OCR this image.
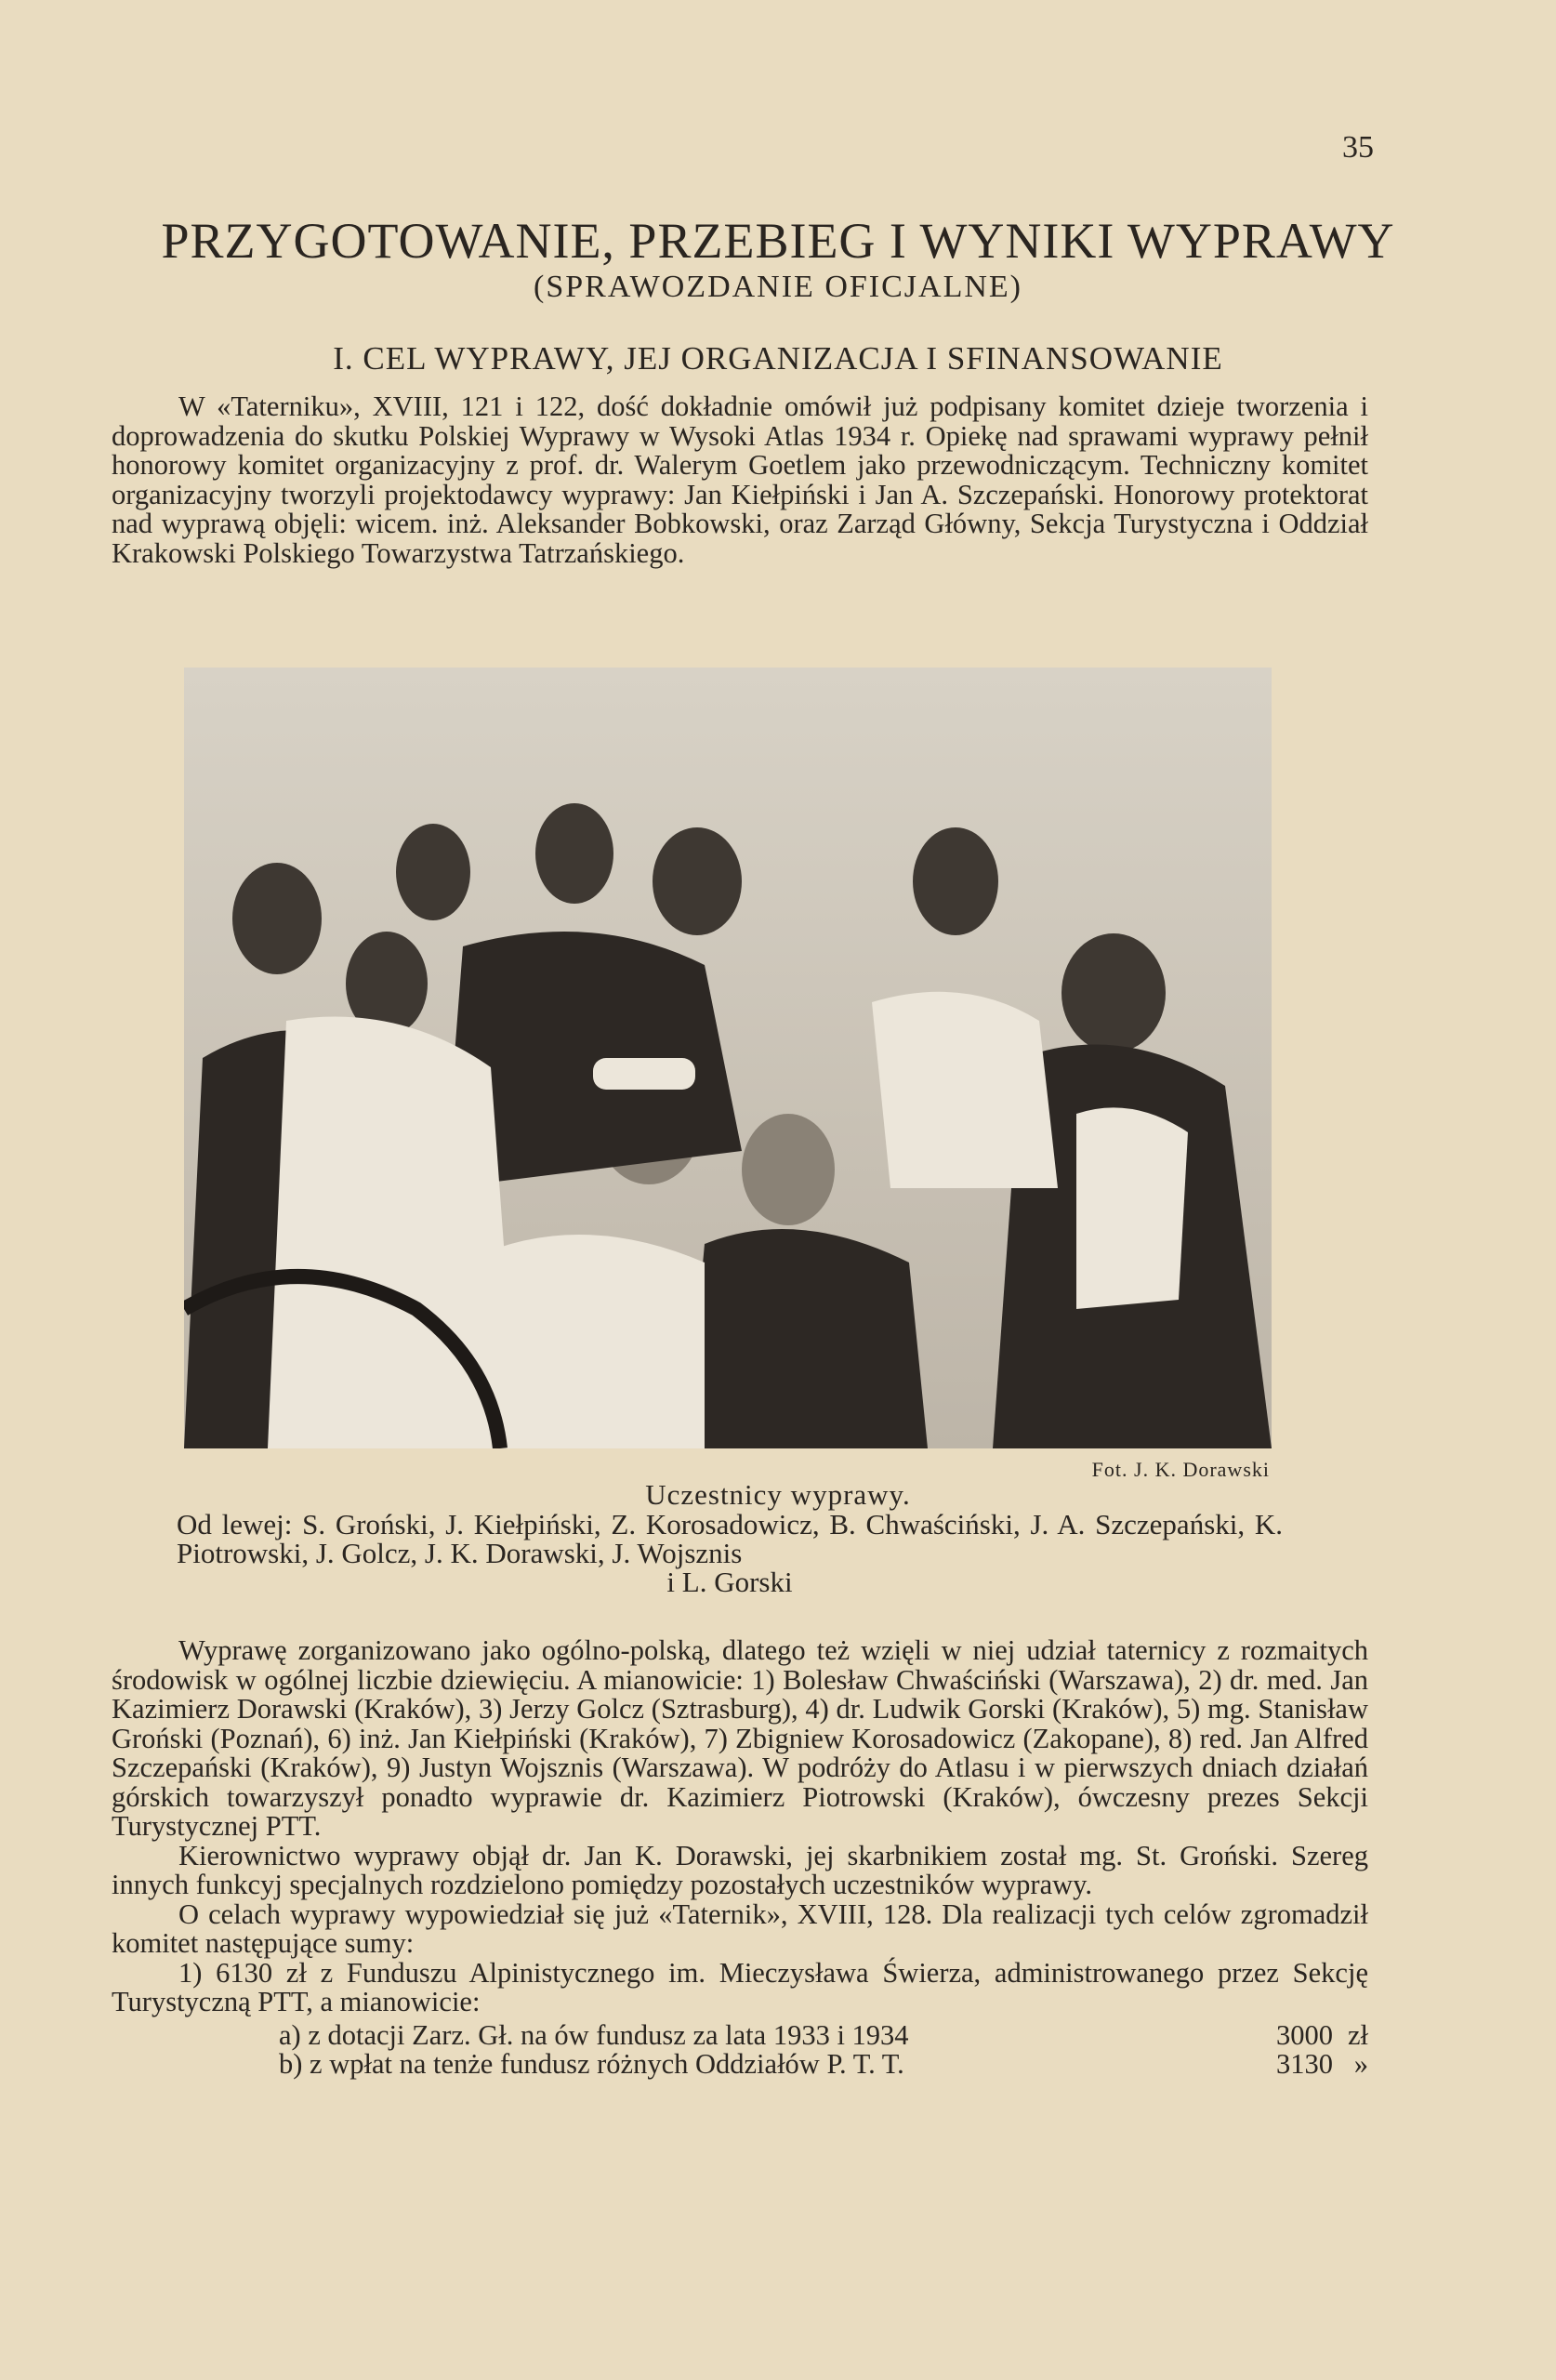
35
PRZYGOTOWANIE, PRZEBIEG I WYNIKI WYPRAWY
(SPRAWOZDANIE OFICJALNE)
I. CEL WYPRAWY, JEJ ORGANIZACJA I SFINANSOWANIE

W «Taterniku», XVIII, 121 i 122, dość dokładnie omówił już podpisany komitet dzieje tworzenia i doprowadzenia do skutku Polskiej Wyprawy w Wysoki Atlas 1934 r. Opiekę nad sprawami wyprawy pełnił honorowy komitet organizacyjny z prof. dr. Walerym Goetlem jako przewodniczącym. Techniczny komitet organizacyjny tworzyli projektodawcy wyprawy: Jan Kiełpiński i Jan A. Szczepański. Honorowy protektorat nad wyprawą objęli: wicem. inż. Aleksander Bobkowski, oraz Zarząd Główny, Sekcja Turystyczna i Oddział Krakowski Polskiego Towarzystwa Tatrzańskiego.

Fot. J. K. Dorawski
Uczestnicy wyprawy.
Od lewej: S. Groński, J. Kiełpiński, Z. Korosadowicz, B. Chwaściński, J. A. Szczepański, K. Piotrowski, J. Golcz, J. K. Dorawski, J. Wojsznis
i L. Gorski

Wyprawę zorganizowano jako ogólno-polską, dlatego też wzięli w niej udział taternicy z rozmaitych środowisk w ogólnej liczbie dziewięciu. A mianowicie: 1) Bolesław Chwaściński (Warszawa), 2) dr. med. Jan Kazimierz Dorawski (Kraków), 3) Jerzy Golcz (Sztrasburg), 4) dr. Ludwik Gorski (Kraków), 5) mg. Stanisław Groński (Poznań), 6) inż. Jan Kiełpiński (Kraków), 7) Zbigniew Korosadowicz (Zakopane), 8) red. Jan Alfred Szczepański (Kraków), 9) Justyn Wojsznis (Warszawa). W podróży do Atlasu i w pierwszych dniach działań górskich towarzyszył ponadto wyprawie dr. Kazimierz Piotrowski (Kraków), ówczesny prezes Sekcji Turystycznej PTT.

Kierownictwo wyprawy objął dr. Jan K. Dorawski, jej skarbnikiem został mg. St. Groński. Szereg innych funkcyj specjalnych rozdzielono pomiędzy pozostałych uczestników wyprawy.

O celach wyprawy wypowiedział się już «Taternik», XVIII, 128. Dla realizacji tych celów zgromadził komitet następujące sumy:

1) 6130 zł z Funduszu Alpinistycznego im. Mieczysława Świerza, administrowanego przez Sekcję Turystyczną PTT, a mianowicie:

a) z dotacji Zarz. Gł. na ów fundusz za lata 1933 i 1934	3000 zł
b) z wpłat na tenże fundusz różnych Oddziałów P. T. T.	3130 »
